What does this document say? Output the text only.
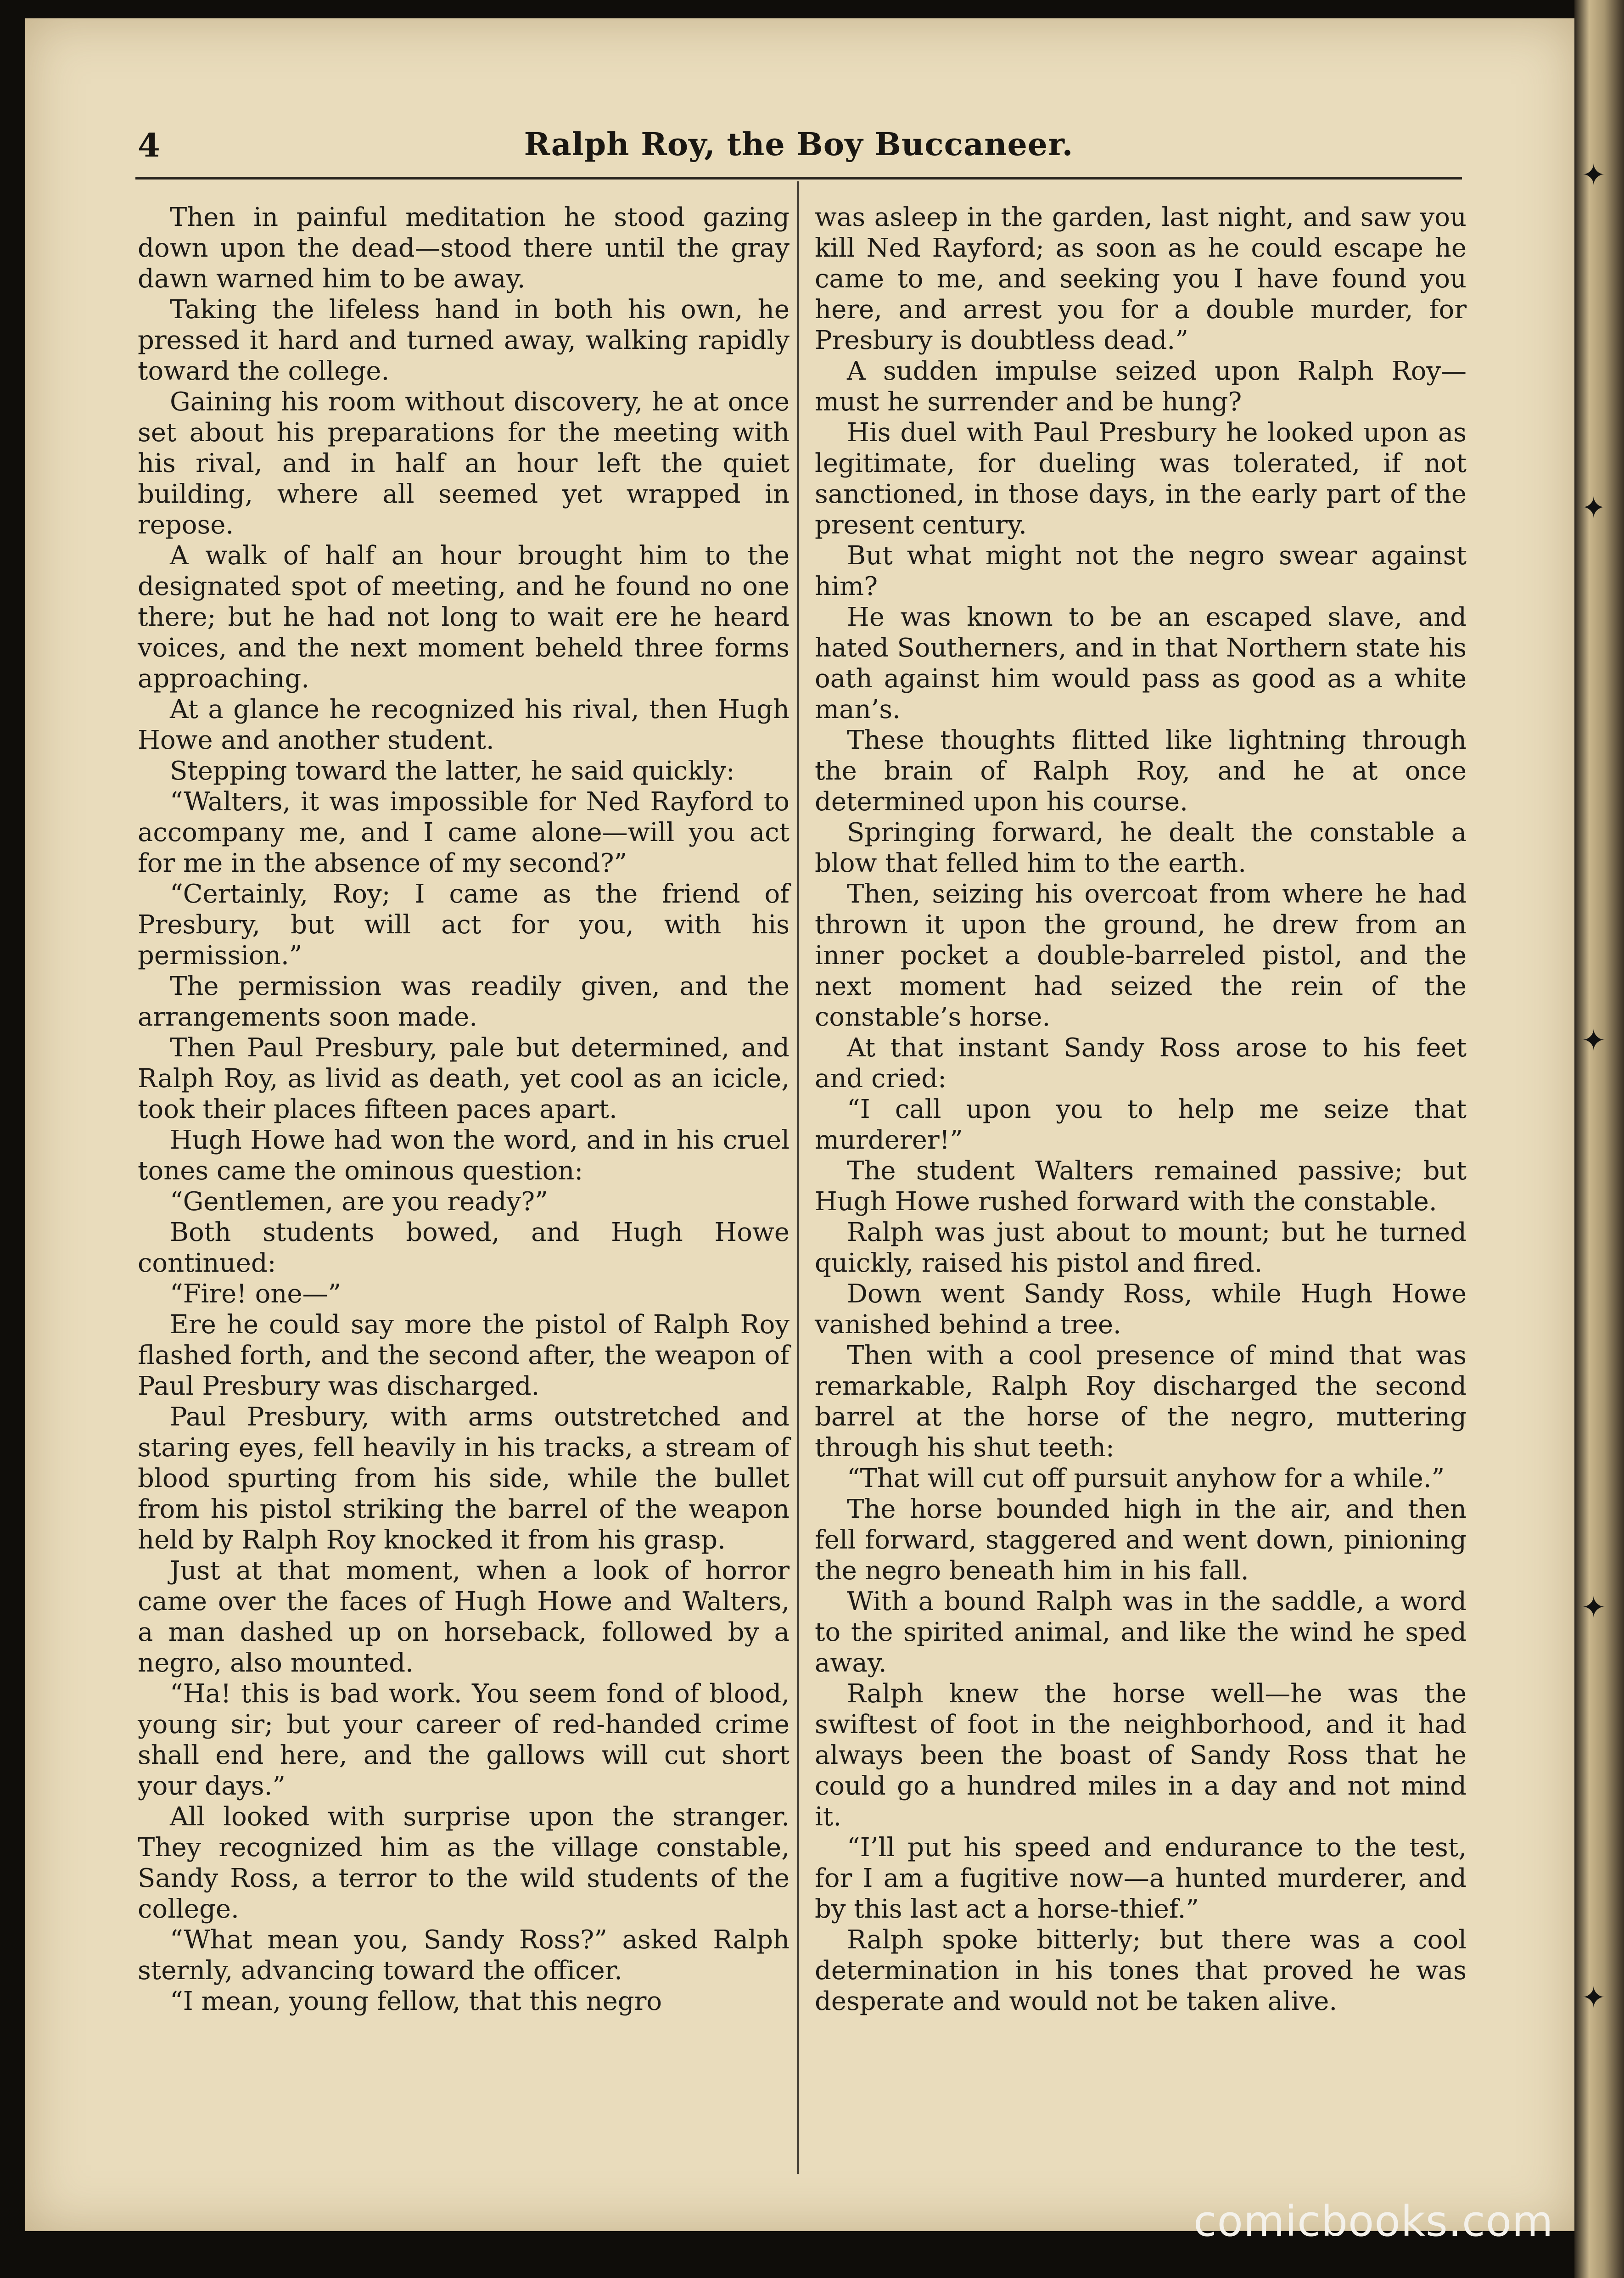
✦
✦
✦
✦
✦
4	Ralph Roy, the Boy Buccaneer.

Then in painful meditation he stood gazing down upon the dead—stood there until the gray dawn warned him to be away.

Taking the lifeless hand in both his own, he pressed it hard and turned away, walking rapidly toward the college.

Gaining his room without discovery, he at once set about his preparations for the meeting with his rival, and in half an hour left the quiet building, where all seemed yet wrapped in repose.

A walk of half an hour brought him to the designated spot of meeting, and he found no one there; but he had not long to wait ere he heard voices, and the next moment beheld three forms approaching.

At a glance he recognized his rival, then Hugh Howe and another student.

Stepping toward the latter, he said quickly:

“Walters, it was impossible for Ned Rayford to accompany me, and I came alone—will you act for me in the absence of my second?”

“Certainly, Roy; I came as the friend of Presbury, but will act for you, with his permission.”

The permission was readily given, and the arrangements soon made.

Then Paul Presbury, pale but determined, and Ralph Roy, as livid as death, yet cool as an icicle, took their places fifteen paces apart.

Hugh Howe had won the word, and in his cruel tones came the ominous question:

“Gentlemen, are you ready?”

Both students bowed, and Hugh Howe continued:

“Fire! one—”

Ere he could say more the pistol of Ralph Roy flashed forth, and the second after, the weapon of Paul Presbury was discharged.

Paul Presbury, with arms outstretched and staring eyes, fell heavily in his tracks, a stream of blood spurting from his side, while the bullet from his pistol striking the barrel of the weapon held by Ralph Roy knocked it from his grasp.

Just at that moment, when a look of horror came over the faces of Hugh Howe and Walters, a man dashed up on horseback, followed by a negro, also mounted.

“Ha! this is bad work. You seem fond of blood, young sir; but your career of red-handed crime shall end here, and the gallows will cut short your days.”

All looked with surprise upon the stranger. They recognized him as the village constable, Sandy Ross, a terror to the wild students of the college.

“What mean you, Sandy Ross?” asked Ralph sternly, advancing toward the officer.

“I mean, young fellow, that this negro

was asleep in the garden, last night, and saw you kill Ned Rayford; as soon as he could escape he came to me, and seeking you I have found you here, and arrest you for a double murder, for Presbury is doubtless dead.”

A sudden impulse seized upon Ralph Roy—must he surrender and be hung?

His duel with Paul Presbury he looked upon as legitimate, for dueling was tolerated, if not sanctioned, in those days, in the early part of the present century.

But what might not the negro swear against him?

He was known to be an escaped slave, and hated Southerners, and in that Northern state his oath against him would pass as good as a white man’s.

These thoughts flitted like lightning through the brain of Ralph Roy, and he at once determined upon his course.

Springing forward, he dealt the constable a blow that felled him to the earth.

Then, seizing his overcoat from where he had thrown it upon the ground, he drew from an inner pocket a double-barreled pistol, and the next moment had seized the rein of the constable’s horse.

At that instant Sandy Ross arose to his feet and cried:

“I call upon you to help me seize that murderer!”

The student Walters remained passive; but Hugh Howe rushed forward with the constable.

Ralph was just about to mount; but he turned quickly, raised his pistol and fired.

Down went Sandy Ross, while Hugh Howe vanished behind a tree.

Then with a cool presence of mind that was remarkable, Ralph Roy discharged the second barrel at the horse of the negro, muttering through his shut teeth:

“That will cut off pursuit anyhow for a while.”

The horse bounded high in the air, and then fell forward, staggered and went down, pinioning the negro beneath him in his fall.

With a bound Ralph was in the saddle, a word to the spirited animal, and like the wind he sped away.

Ralph knew the horse well—he was the swiftest of foot in the neighborhood, and it had always been the boast of Sandy Ross that he could go a hundred miles in a day and not mind it.

“I’ll put his speed and endurance to the test, for I am a fugitive now—a hunted murderer, and by this last act a horse-thief.”

Ralph spoke bitterly; but there was a cool determination in his tones that proved he was desperate and would not be taken alive.

comicbooks.com
